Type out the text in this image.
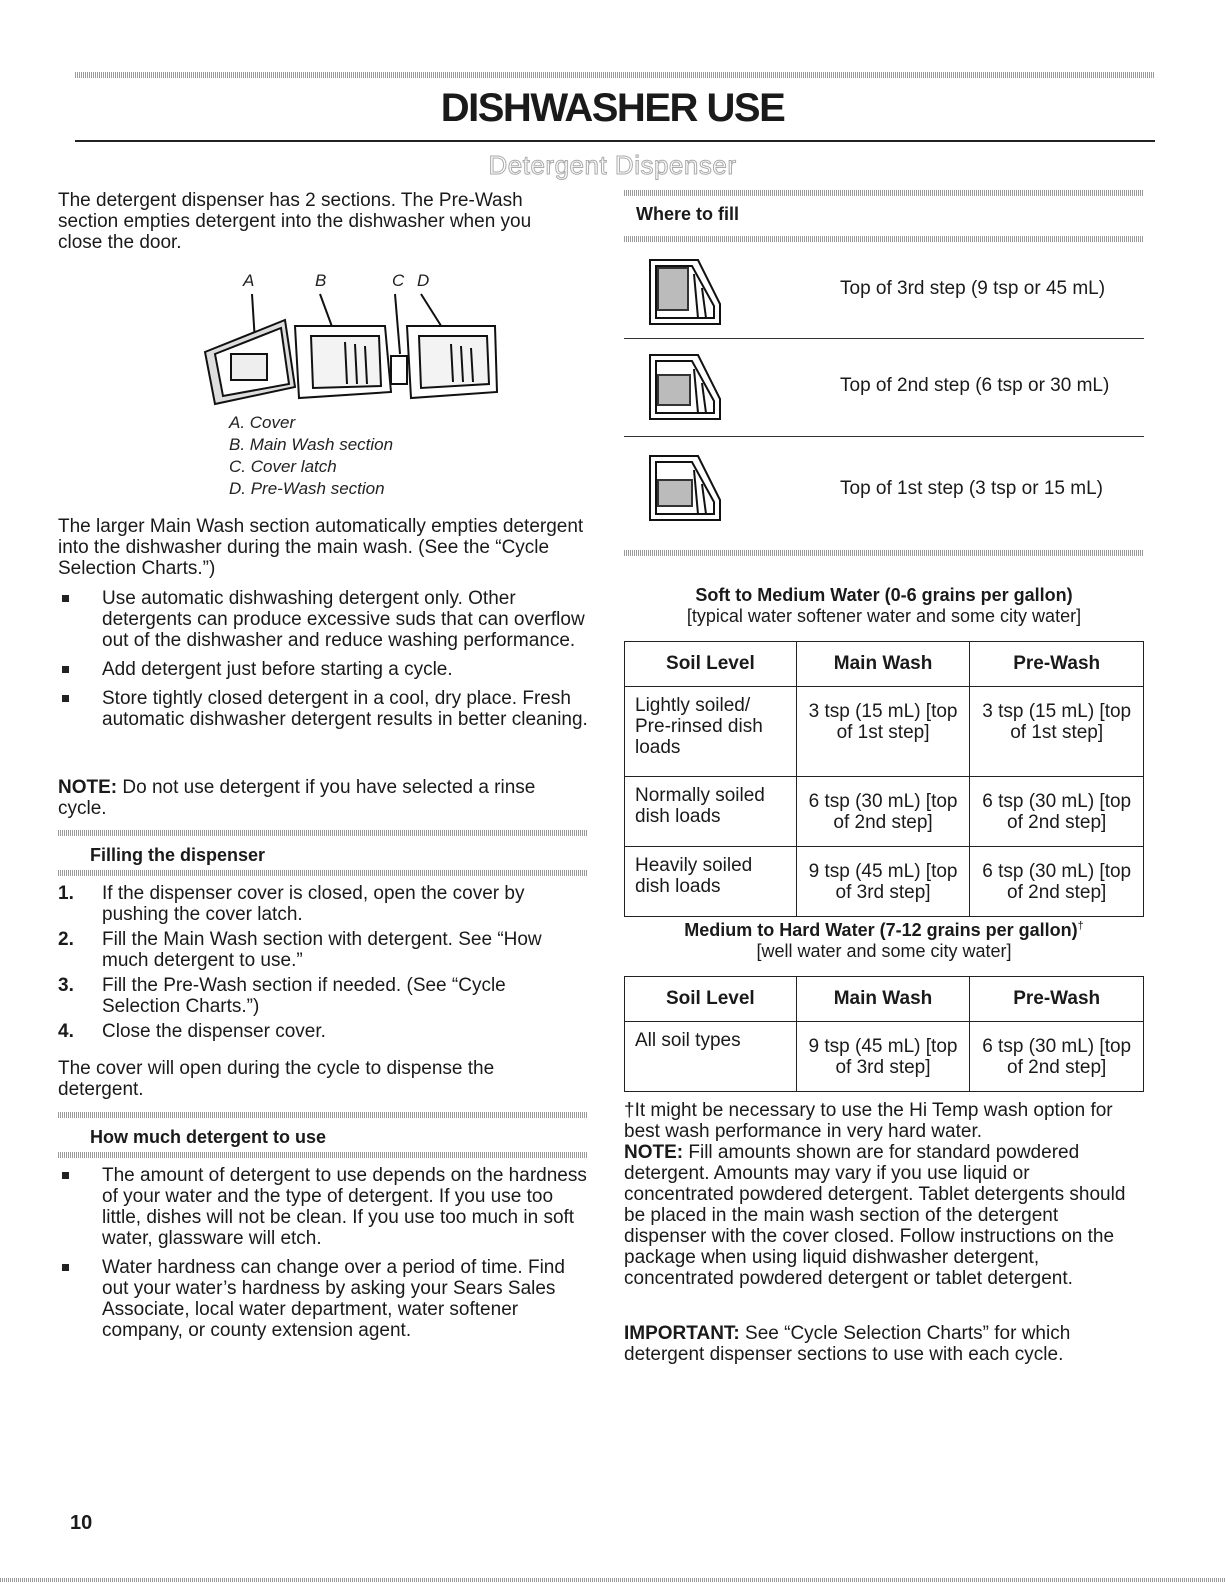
DISHWASHER USE
Detergent Dispenser
The detergent dispenser has 2 sections. The Pre-Wash section empties detergent into the dishwasher when you close the door.
A	B	C D
A. Cover
B. Main Wash section
C. Cover latch
D. Pre-Wash section
The larger Main Wash section automatically empties detergent into the dishwasher during the main wash. (See the “Cycle Selection Charts.”)
Use automatic dishwashing detergent only. Other detergents can produce excessive suds that can overflow out of the dishwasher and reduce washing performance.
Add detergent just before starting a cycle.
Store tightly closed detergent in a cool, dry place. Fresh automatic dishwasher detergent results in better cleaning.
NOTE: Do not use detergent if you have selected a rinse cycle.
Filling the dispenser
1. If the dispenser cover is closed, open the cover by pushing the cover latch.
2. Fill the Main Wash section with detergent. See “How much detergent to use.”
3. Fill the Pre-Wash section if needed. (See “Cycle Selection Charts.”)
4. Close the dispenser cover.
The cover will open during the cycle to dispense the detergent.
How much detergent to use
The amount of detergent to use depends on the hardness of your water and the type of detergent. If you use too little, dishes will not be clean. If you use too much in soft water, glassware will etch.
Water hardness can change over a period of time. Find out your water’s hardness by asking your Sears Sales Associate, local water department, water softener company, or county extension agent.
Where to fill
Top of 3rd step (9 tsp or 45 mL)
Top of 2nd step (6 tsp or 30 mL)
Top of 1st step (3 tsp or 15 mL)
Soft to Medium Water (0-6 grains per gallon)
[typical water softener water and some city water]
Soil Level	Main Wash	Pre-Wash
Lightly soiled/ Pre-rinsed dish loads	3 tsp (15 mL) [top of 1st step]	3 tsp (15 mL) [top of 1st step]
Normally soiled dish loads	6 tsp (30 mL) [top of 2nd step]	6 tsp (30 mL) [top of 2nd step]
Heavily soiled dish loads	9 tsp (45 mL) [top of 3rd step]	6 tsp (30 mL) [top of 2nd step]
Medium to Hard Water (7-12 grains per gallon)†
[well water and some city water]
Soil Level	Main Wash	Pre-Wash
All soil types	9 tsp (45 mL) [top of 3rd step]	6 tsp (30 mL) [top of 2nd step]
†It might be necessary to use the Hi Temp wash option for best wash performance in very hard water.
NOTE: Fill amounts shown are for standard powdered detergent. Amounts may vary if you use liquid or concentrated powdered detergent. Tablet detergents should be placed in the main wash section of the detergent dispenser with the cover closed. Follow instructions on the package when using liquid dishwasher detergent, concentrated powdered detergent or tablet detergent.
IMPORTANT: See “Cycle Selection Charts” for which detergent dispenser sections to use with each cycle.
10
